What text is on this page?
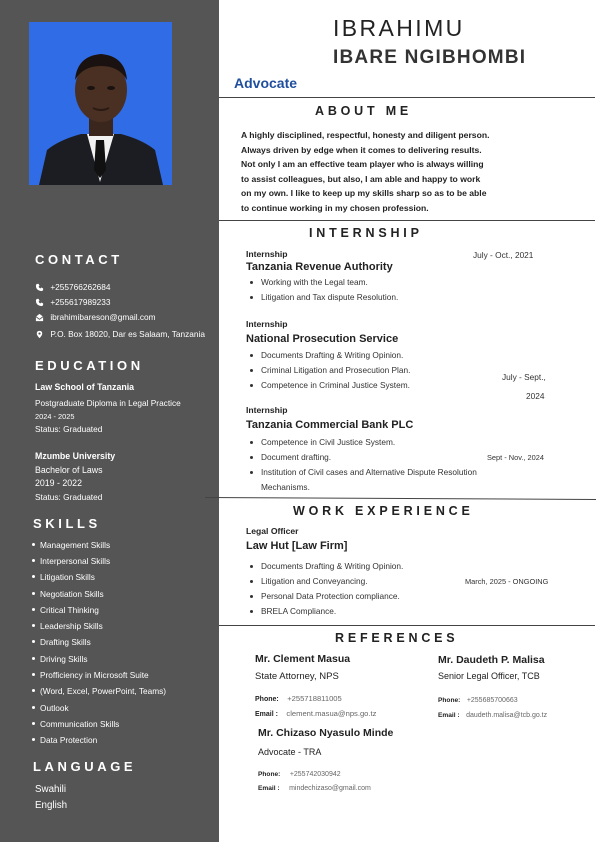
CONTACT
+255766262684
+255617989233
ibrahimibareson@gmail.com
P.O. Box 18020, Dar es Salaam, Tanzania
EDUCATION
Law School of Tanzania
Postgraduate Diploma in Legal Practice
2024 - 2025
Status: Graduated
Mzumbe University
Bachelor of Laws
2019 - 2022
Status: Graduated
SKILLS
Management Skills
Interpersonal Skills
Litigation Skills
Negotiation Skills
Critical Thinking
Leadership Skills
Drafting Skills
Driving Skills
Profficiency in Microsoft Suite
(Word, Excel, PowerPoint, Teams)
Outlook
Communication Skills
Data Protection
LANGUAGE
Swahili
English
IBRAHIMU
IBARE NGIBHOMBI
Advocate
ABOUT ME
A highly disciplined, respectful, honesty and diligent person.
Always driven by edge when it comes to delivering results.
Not only I am an effective team player who is always willing
to assist colleagues, but also, I am able and happy to work
on my own. I like to keep up my skills sharp so as to be able
to continue working in my chosen profession.
INTERNSHIP
Internship	July - Oct., 2021
Tanzania Revenue Authority
Working with the Legal team.
Litigation and Tax dispute Resolution.
Internship
National Prosecution Service
Documents Drafting & Writing Opinion.
Criminal Litigation and Prosecution Plan.
Competence in Criminal Justice System.
July - Sept.,
2024
Internship
Tanzania Commercial Bank PLC
Competence in Civil Justice System.
Document drafting.	Sept - Nov., 2024
Institution of Civil cases and Alternative Dispute Resolution
Mechanisms.
WORK EXPERIENCE
Legal Officer
Law Hut [Law Firm]
Documents Drafting & Writing Opinion.
Litigation and Conveyancing.	March, 2025 - ONGOING
Personal Data Protection compliance.
BRELA Compliance.
REFERENCES
Mr. Clement Masua
State Attorney, NPS
Phone: +255718811005
Email : clement.masua@nps.go.tz
Mr. Daudeth P. Malisa
Senior Legal Officer, TCB
Phone: +255685700663
Email : daudeth.malisa@tcb.go.tz
Mr. Chizaso Nyasulo Minde
Advocate - TRA
Phone: +255742030942
Email : mindechizaso@gmail.com
